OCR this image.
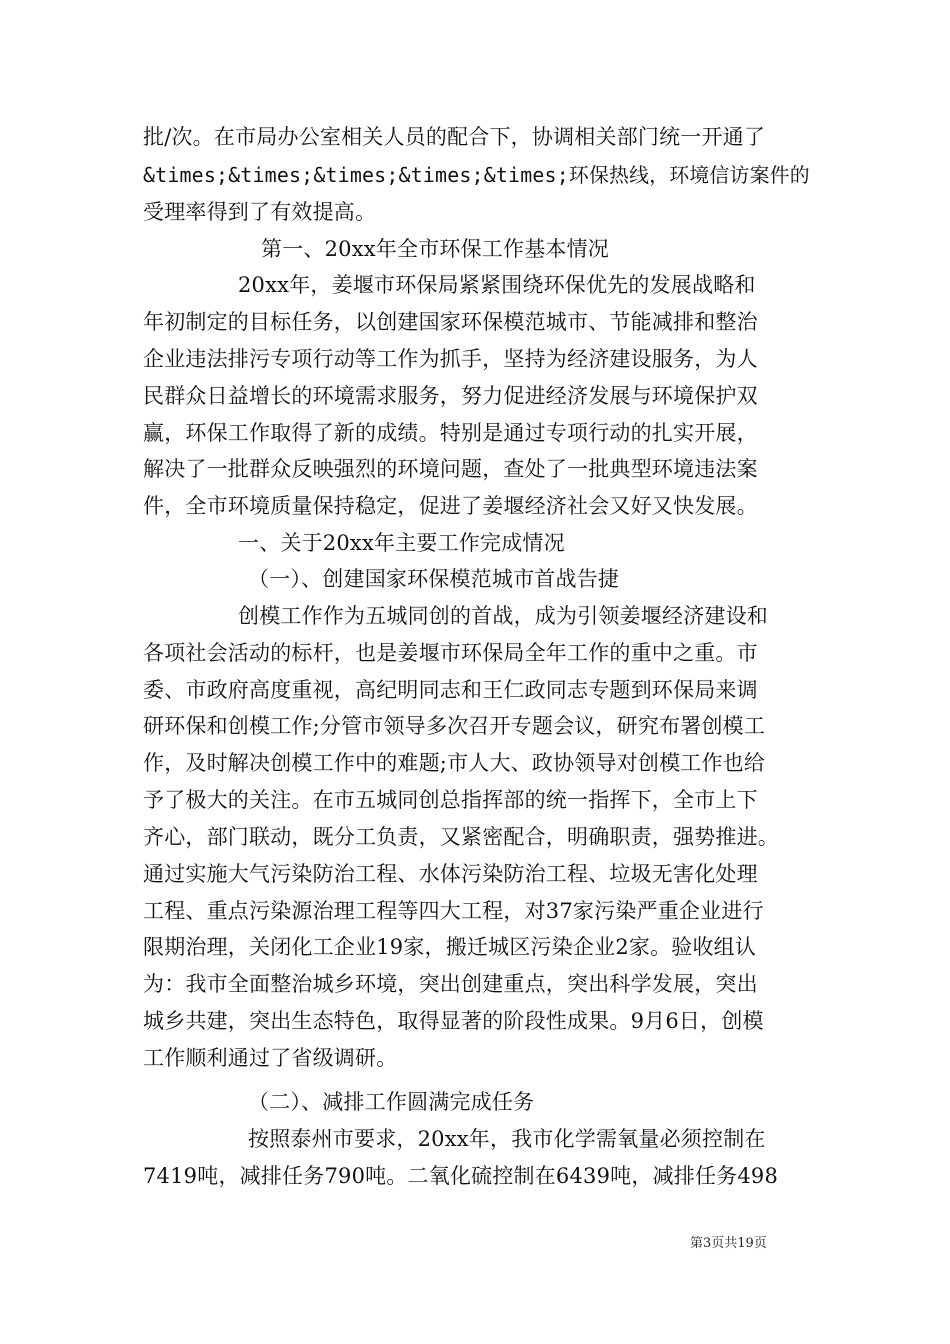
批/次。在市局办公室相关人员的配合下，协调相关部门统一开通了
&times;&times;&times;&times;&times;环保热线，环境信访案件的
受理率得到了有效提高。
第一、20xx年全市环保工作基本情况
20xx年，姜堰市环保局紧紧围绕环保优先的发展战略和
年初制定的目标任务，以创建国家环保模范城市、节能减排和整治
企业违法排污专项行动等工作为抓手，坚持为经济建设服务，为人
民群众日益增长的环境需求服务，努力促进经济发展与环境保护双
赢，环保工作取得了新的成绩。特别是通过专项行动的扎实开展，
解决了一批群众反映强烈的环境问题，查处了一批典型环境违法案
件，全市环境质量保持稳定，促进了姜堰经济社会又好又快发展。
一、关于20xx年主要工作完成情况
（一）、创建国家环保模范城市首战告捷
创模工作作为五城同创的首战，成为引领姜堰经济建设和
各项社会活动的标杆，也是姜堰市环保局全年工作的重中之重。市
委、市政府高度重视，高纪明同志和王仁政同志专题到环保局来调
研环保和创模工作;分管市领导多次召开专题会议，研究布署创模工
作，及时解决创模工作中的难题;市人大、政协领导对创模工作也给
予了极大的关注。在市五城同创总指挥部的统一指挥下，全市上下
齐心，部门联动，既分工负责，又紧密配合，明确职责，强势推进。
通过实施大气污染防治工程、水体污染防治工程、垃圾无害化处理
工程、重点污染源治理工程等四大工程，对37家污染严重企业进行
限期治理，关闭化工企业19家，搬迁城区污染企业2家。验收组认
为：我市全面整治城乡环境，突出创建重点，突出科学发展，突出
城乡共建，突出生态特色，取得显著的阶段性成果。9月6日，创模
工作顺利通过了省级调研。
（二）、减排工作圆满完成任务
按照泰州市要求，20xx年，我市化学需氧量必须控制在
7419吨，减排任务790吨。二氧化硫控制在6439吨，减排任务498
第3页共19页
